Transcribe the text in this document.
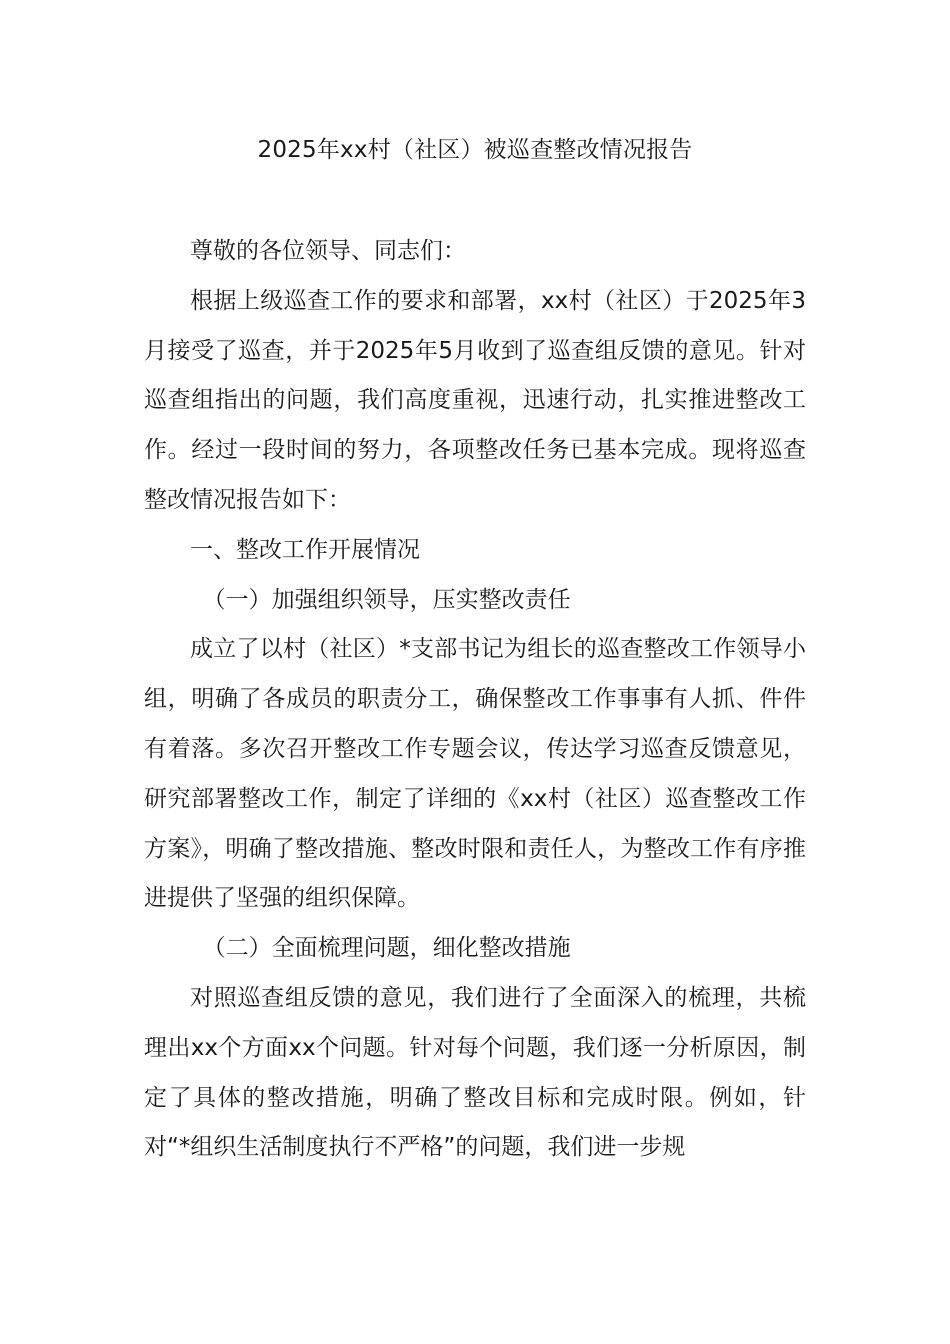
2025年xx村（社区）被巡查整改情况报告

尊敬的各位领导、同志们：

根据上级巡查工作的要求和部署，xx村（社区）于2025年3月接受了巡查，并于2025年5月收到了巡查组反馈的意见。针对巡查组指出的问题，我们高度重视，迅速行动，扎实推进整改工作。经过一段时间的努力，各项整改任务已基本完成。现将巡查整改情况报告如下：

一、整改工作开展情况

（一）加强组织领导，压实整改责任

成立了以村（社区）*支部书记为组长的巡查整改工作领导小组，明确了各成员的职责分工，确保整改工作事事有人抓、件件有着落。多次召开整改工作专题会议，传达学习巡查反馈意见，研究部署整改工作，制定了详细的《xx村（社区）巡查整改工作方案》，明确了整改措施、整改时限和责任人，为整改工作有序推进提供了坚强的组织保障。

（二）全面梳理问题，细化整改措施

对照巡查组反馈的意见，我们进行了全面深入的梳理，共梳理出xx个方面xx个问题。针对每个问题，我们逐一分析原因，制定了具体的整改措施，明确了整改目标和完成时限。例如，针对“*组织生活制度执行不严格”的问题，我们进一步规
